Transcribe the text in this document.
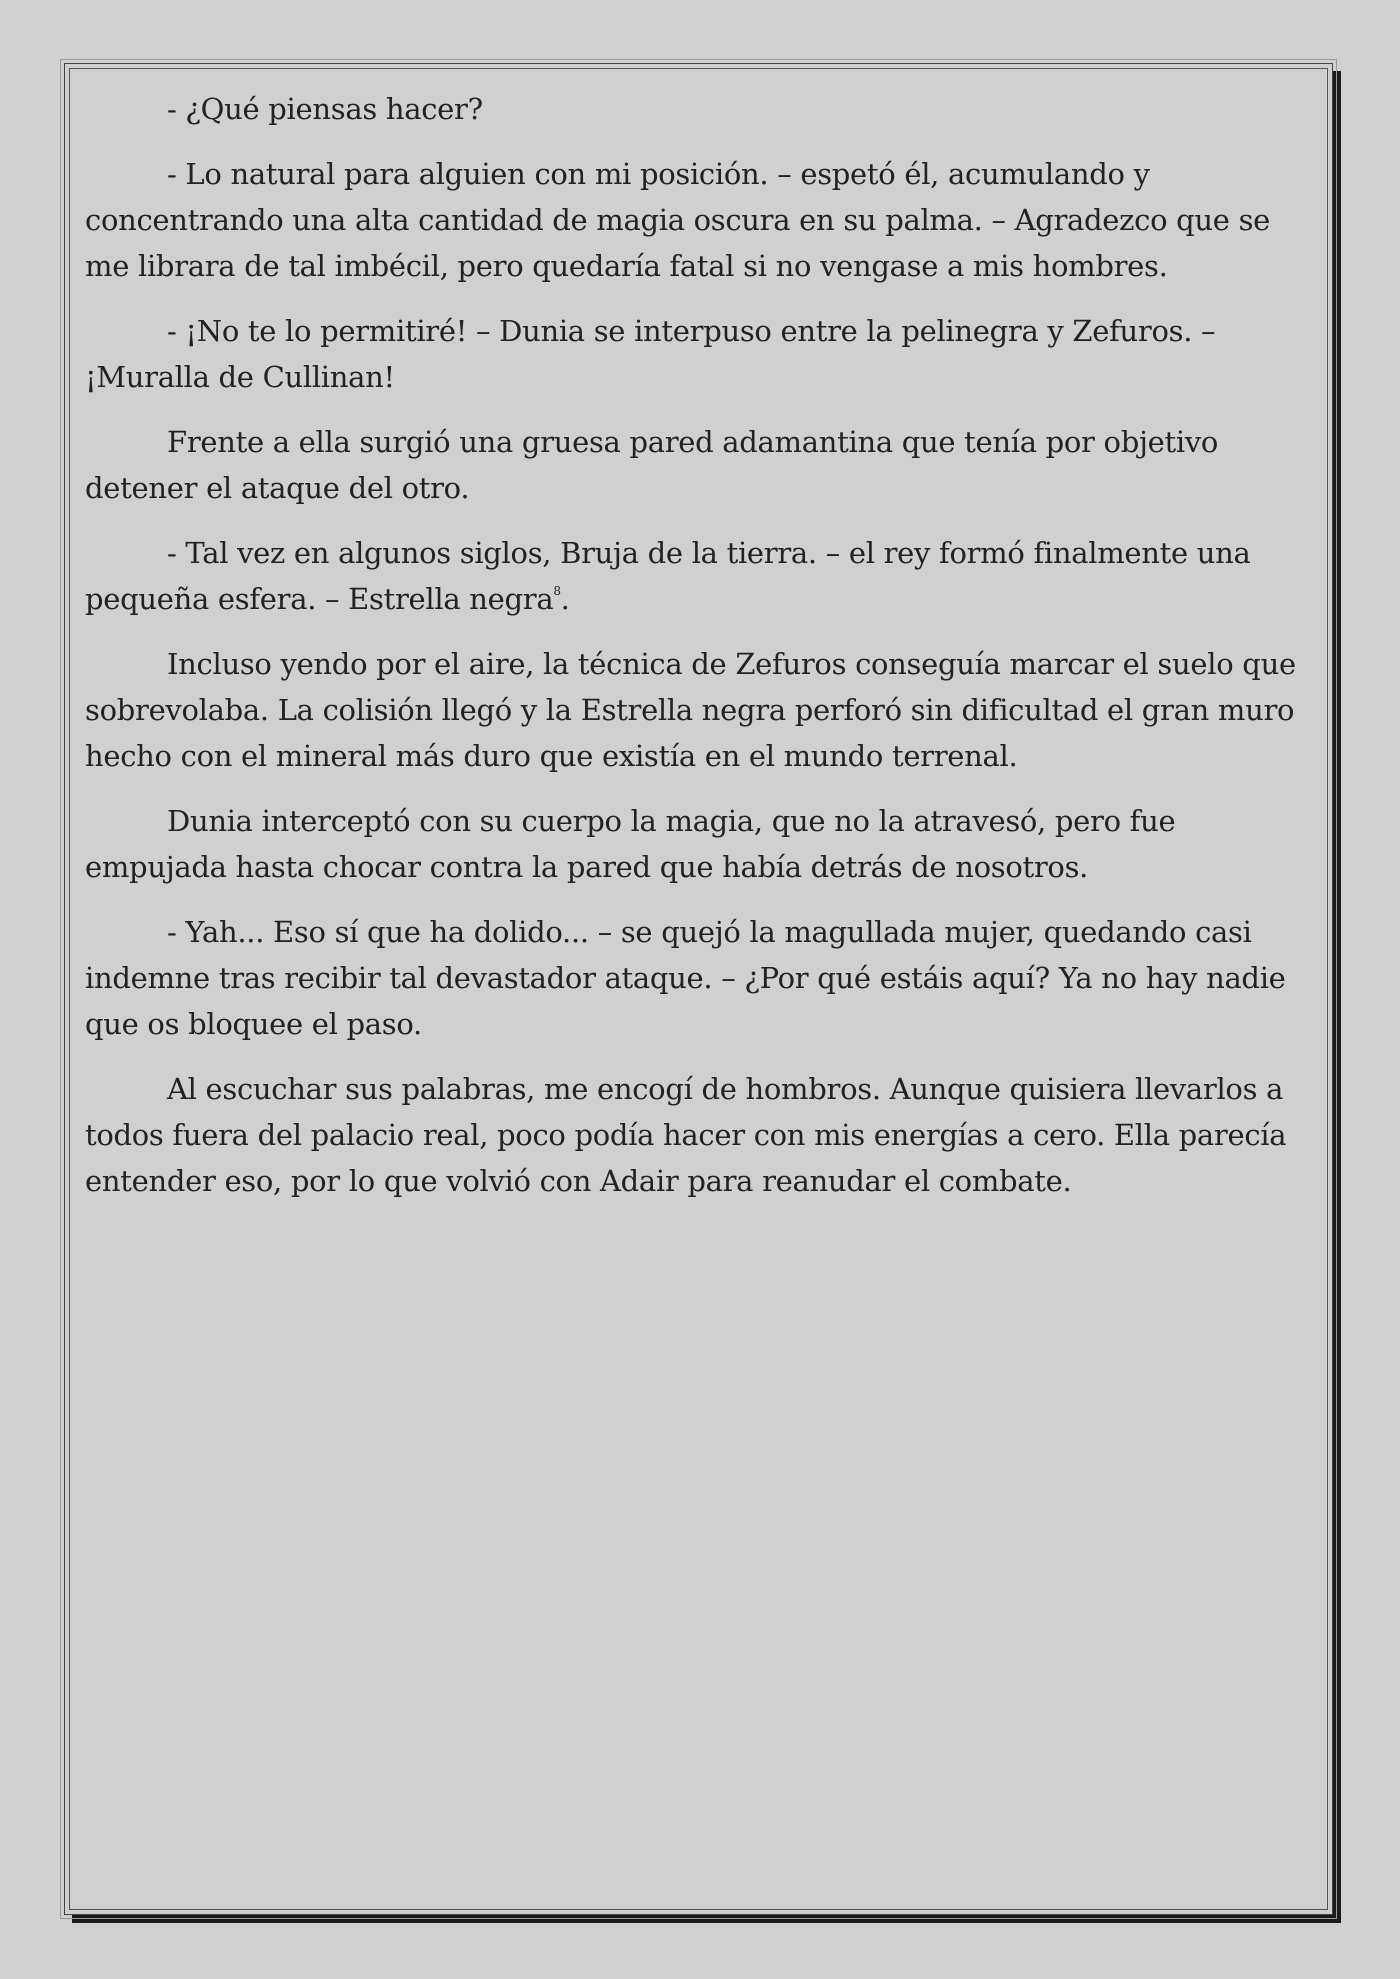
- ¿Qué piensas hacer?

- Lo natural para alguien con mi posición. – espetó él, acumulando y concentrando una alta cantidad de magia oscura en su palma. – Agradezco que se me librara de tal imbécil, pero quedaría fatal si no vengase a mis hombres.

- ¡No te lo permitiré! – Dunia se interpuso entre la pelinegra y Zefuros. – ¡Muralla de Cullinan!

Frente a ella surgió una gruesa pared adamantina que tenía por objetivo detener el ataque del otro.

- Tal vez en algunos siglos, Bruja de la tierra. – el rey formó finalmente una pequeña esfera. – Estrella negra$^8$.

Incluso yendo por el aire, la técnica de Zefuros conseguía marcar el suelo que sobrevolaba. La colisión llegó y la Estrella negra perforó sin dificultad el gran muro hecho con el mineral más duro que existía en el mundo terrenal.

Dunia interceptó con su cuerpo la magia, que no la atravesó, pero fue empujada hasta chocar contra la pared que había detrás de nosotros.

- Yah... Eso sí que ha dolido... – se quejó la magullada mujer, quedando casi indemne tras recibir tal devastador ataque. – ¿Por qué estáis aquí? Ya no hay nadie que os bloquee el paso.

Al escuchar sus palabras, me encogí de hombros. Aunque quisiera llevarlos a todos fuera del palacio real, poco podía hacer con mis energías a cero. Ella parecía entender eso, por lo que volvió con Adair para reanudar el combate.
